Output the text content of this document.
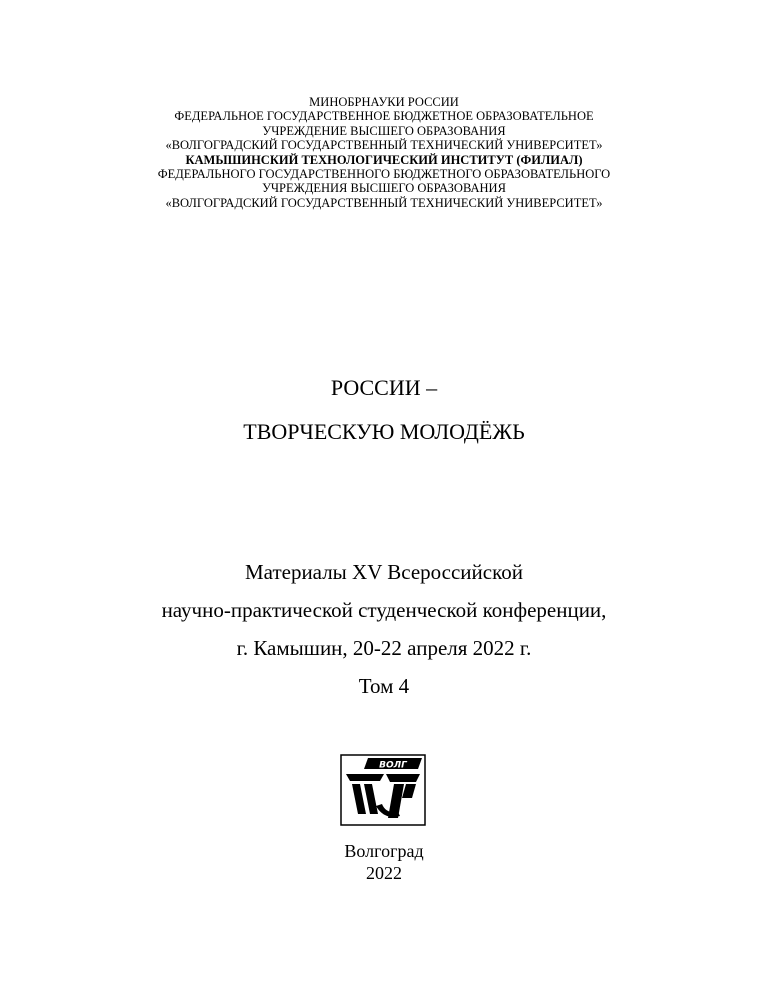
МИНОБРНАУКИ РОССИИ
ФЕДЕРАЛЬНОЕ ГОСУДАРСТВЕННОЕ БЮДЖЕТНОЕ ОБРАЗОВАТЕЛЬНОЕ
УЧРЕЖДЕНИЕ ВЫСШЕГО ОБРАЗОВАНИЯ
«ВОЛГОГРАДСКИЙ ГОСУДАРСТВЕННЫЙ ТЕХНИЧЕСКИЙ УНИВЕРСИТЕТ»
КАМЫШИНСКИЙ ТЕХНОЛОГИЧЕСКИЙ ИНСТИТУТ (ФИЛИАЛ)
ФЕДЕРАЛЬНОГО ГОСУДАРСТВЕННОГО БЮДЖЕТНОГО ОБРАЗОВАТЕЛЬНОГО
УЧРЕЖДЕНИЯ ВЫСШЕГО ОБРАЗОВАНИЯ
«ВОЛГОГРАДСКИЙ ГОСУДАРСТВЕННЫЙ ТЕХНИЧЕСКИЙ УНИВЕРСИТЕТ»
РОССИИ –
ТВОРЧЕСКУЮ МОЛОДЁЖЬ
Материалы XV Всероссийской
научно-практической студенческой конференции,
г. Камышин, 20-22 апреля 2022 г.
Том 4
ВОЛГ
Волгоград
2022
